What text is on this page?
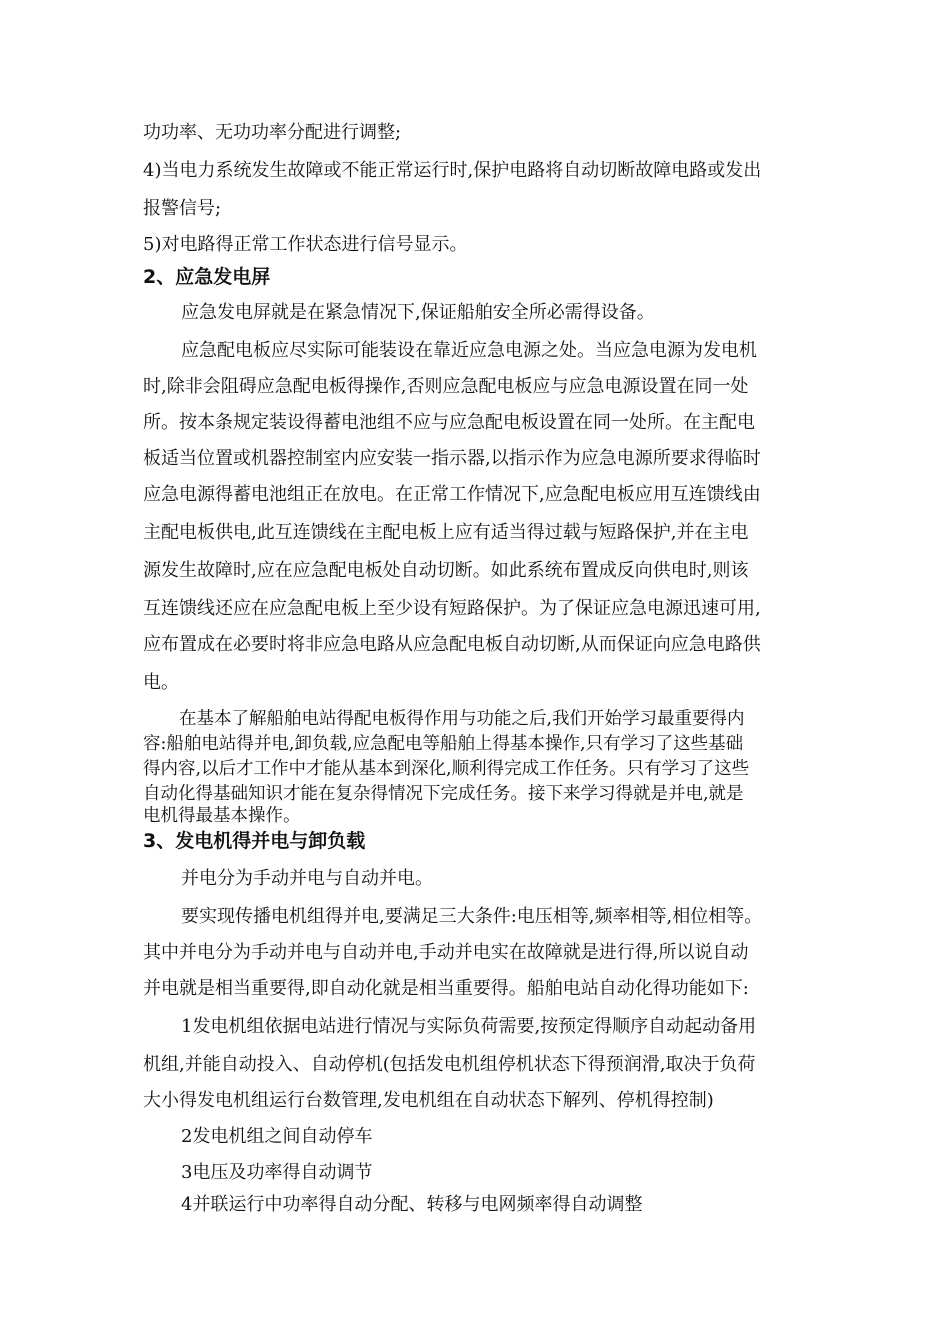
功功率、无功功率分配进行调整;
4)当电力系统发生故障或不能正常运行时,保护电路将自动切断故障电路或发出
报警信号;
5)对电路得正常工作状态进行信号显示。
2、应急发电屏
应急发电屏就是在紧急情况下,保证船舶安全所必需得设备。
应急配电板应尽实际可能装设在靠近应急电源之处。当应急电源为发电机
时,除非会阻碍应急配电板得操作,否则应急配电板应与应急电源设置在同一处
所。按本条规定装设得蓄电池组不应与应急配电板设置在同一处所。在主配电
板适当位置或机器控制室内应安装一指示器,以指示作为应急电源所要求得临时
应急电源得蓄电池组正在放电。在正常工作情况下,应急配电板应用互连馈线由
主配电板供电,此互连馈线在主配电板上应有适当得过载与短路保护,并在主电
源发生故障时,应在应急配电板处自动切断。如此系统布置成反向供电时,则该
互连馈线还应在应急配电板上至少设有短路保护。为了保证应急电源迅速可用,
应布置成在必要时将非应急电路从应急配电板自动切断,从而保证向应急电路供
电。
在基本了解船舶电站得配电板得作用与功能之后,我们开始学习最重要得内
容:船舶电站得并电,卸负载,应急配电等船舶上得基本操作,只有学习了这些基础
得内容,以后才工作中才能从基本到深化,顺利得完成工作任务。只有学习了这些
自动化得基础知识才能在复杂得情况下完成任务。接下来学习得就是并电,就是
电机得最基本操作。
3、发电机得并电与卸负载
并电分为手动并电与自动并电。
要实现传播电机组得并电,要满足三大条件:电压相等,频率相等,相位相等。
其中并电分为手动并电与自动并电,手动并电实在故障就是进行得,所以说自动
并电就是相当重要得,即自动化就是相当重要得。船舶电站自动化得功能如下:
1发电机组依据电站进行情况与实际负荷需要,按预定得顺序自动起动备用
机组,并能自动投入、自动停机(包括发电机组停机状态下得预润滑,取决于负荷
大小得发电机组运行台数管理,发电机组在自动状态下解列、停机得控制)
2发电机组之间自动停车
3电压及功率得自动调节
4并联运行中功率得自动分配、转移与电网频率得自动调整
